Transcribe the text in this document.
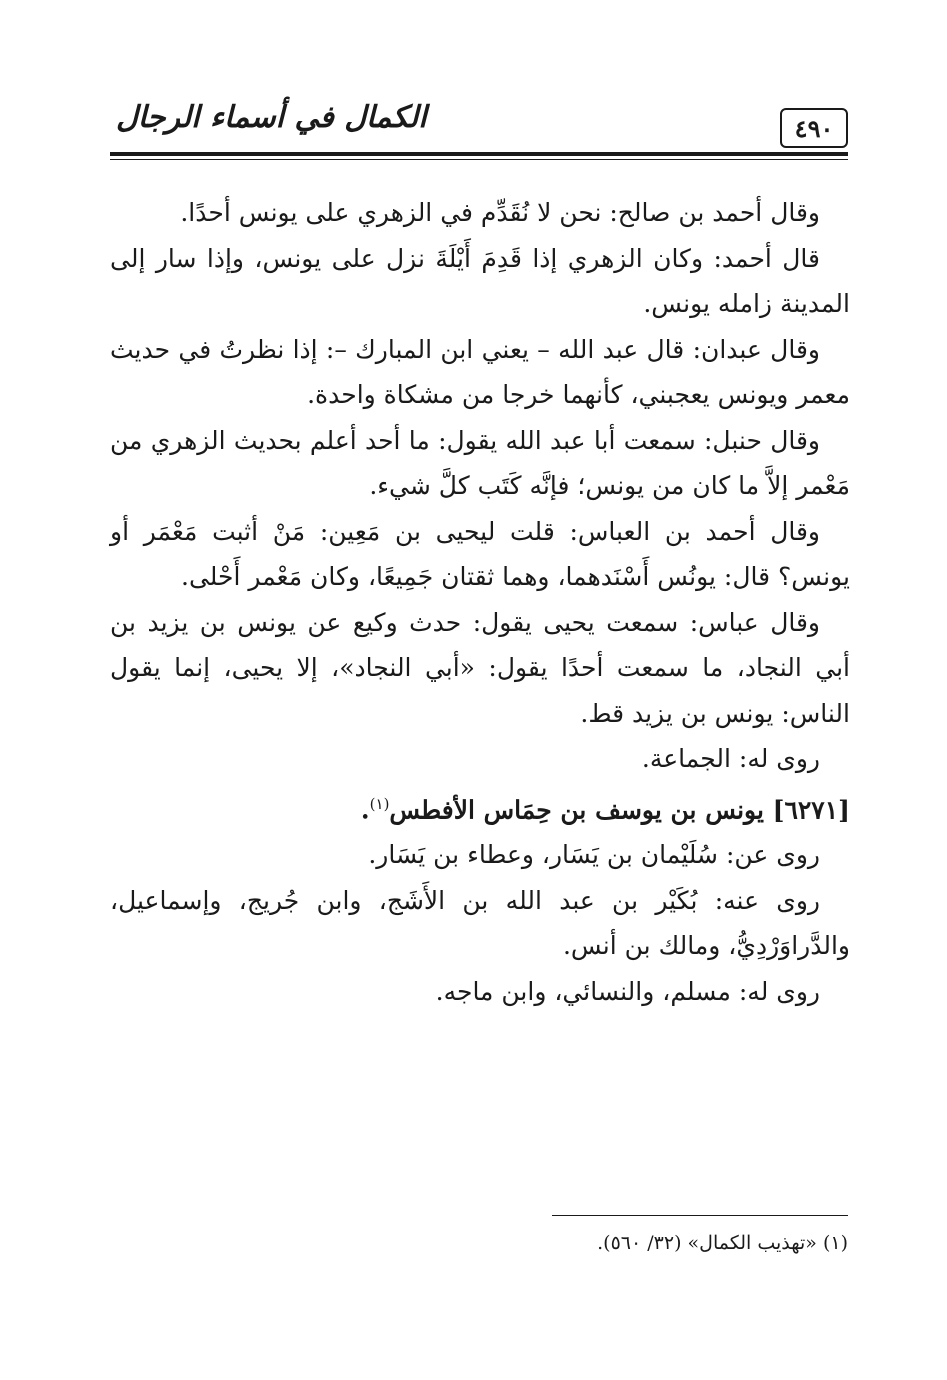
٤٩٠
الكمال في أسماء الرجال

وقال أحمد بن صالح: نحن لا نُقَدِّم في الزهري على يونس أحدًا.

قال أحمد: وكان الزهري إذا قَدِمَ أَيْلَةَ نزل على يونس، وإذا سار إلى المدينة زامله يونس.

وقال عبدان: قال عبد الله – يعني ابن المبارك –: إذا نظرتُ في حديث معمر ويونس يعجبني، كأنهما خرجا من مشكاة واحدة.

وقال حنبل: سمعت أبا عبد الله يقول: ما أحد أعلم بحديث الزهري من مَعْمر إلاَّ ما كان من يونس؛ فإنَّه كَتَب كلَّ شيء.

وقال أحمد بن العباس: قلت ليحيى بن مَعِين: مَنْ أثبت مَعْمَر أو يونس؟ قال: يونُس أَسْنَدهما، وهما ثقتان جَمِيعًا، وكان مَعْمر أَحْلى.

وقال عباس: سمعت يحيى يقول: حدث وكيع عن يونس بن يزيد بن أبي النجاد، ما سمعت أحدًا يقول: «أبي النجاد»، إلا يحيى، إنما يقول الناس: يونس بن يزيد قط.

روى له: الجماعة.

[٦٢٧١] يونس بن يوسف بن حِمَاس الأفطس$^{(١)}$.

روى عن: سُلَيْمان بن يَسَار، وعطاء بن يَسَار.

روى عنه: بُكَيْر بن عبد الله بن الأَشَج، وابن جُريج، وإسماعيل، والدَّراوَرْدِيُّ، ومالك بن أنس.

روى له: مسلم، والنسائي، وابن ماجه.

(١) «تهذيب الكمال» (٣٢/ ٥٦٠).
